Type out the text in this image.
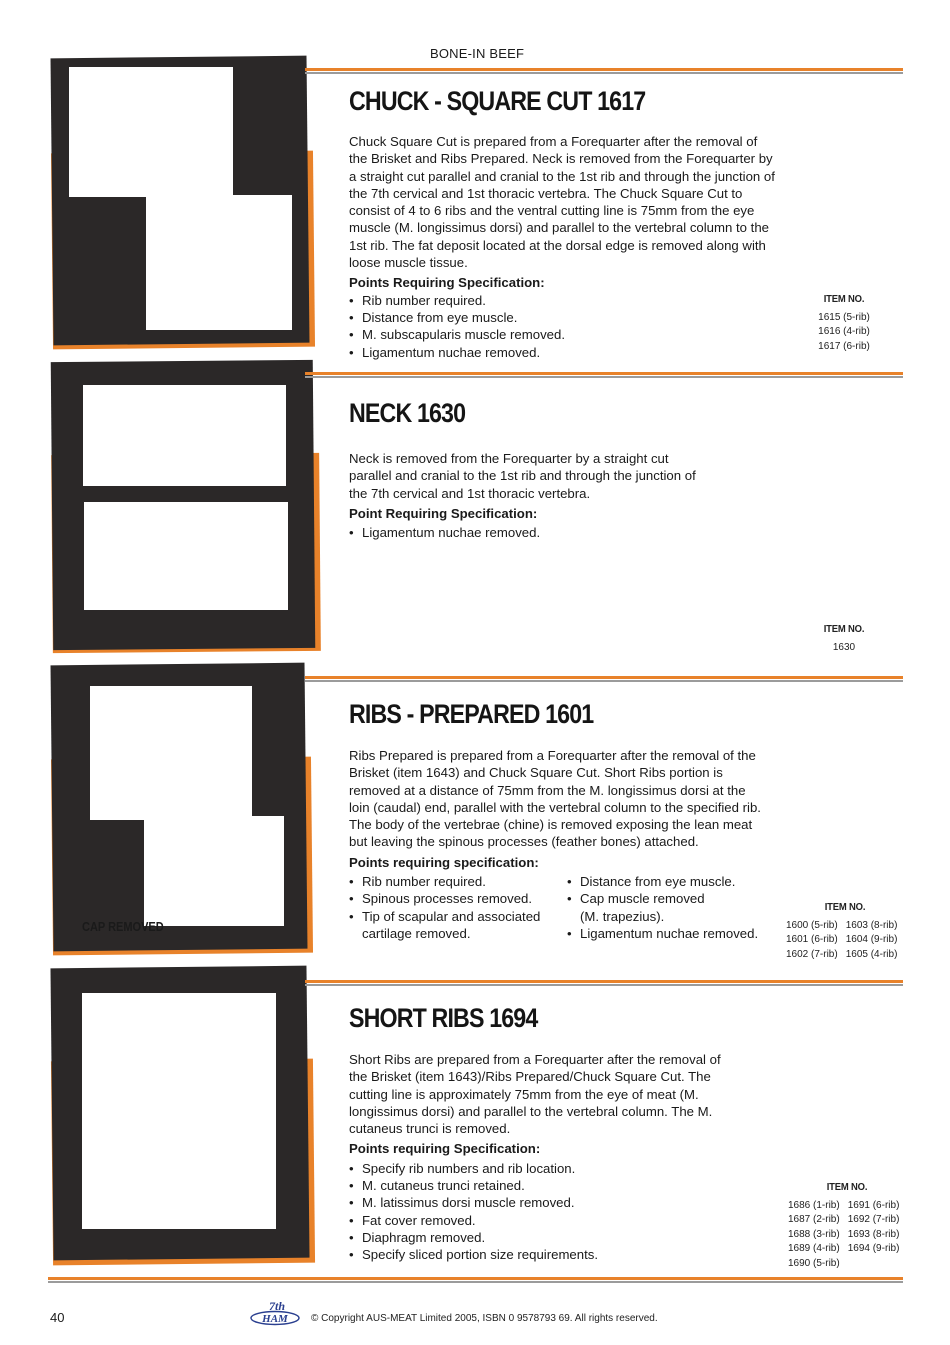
BONE-IN BEEF
CHUCK - SQUARE CUT 1617
Chuck Square Cut is prepared from a Forequarter after the removal of the Brisket and Ribs Prepared. Neck is removed from the Forequarter by a straight cut parallel and cranial to the 1st rib and through the junction of the 7th cervical and 1st thoracic vertebra. The Chuck Square Cut to consist of 4 to 6 ribs and the ventral cutting line is 75mm from the eye muscle (M. longissimus dorsi) and parallel to the vertebral column to the 1st rib. The fat deposit located at the dorsal edge is removed along with loose muscle tissue.
Points Requiring Specification:
• Rib number required.
• Distance from eye muscle.
• M. subscapularis muscle removed.
• Ligamentum nuchae removed.
ITEM NO.
1615 (5-rib)
1616 (4-rib)
1617 (6-rib)
NECK 1630
Neck is removed from the Forequarter by a straight cut parallel and cranial to the 1st rib and through the junction of the 7th cervical and 1st thoracic vertebra.
Point Requiring Specification:
• Ligamentum nuchae removed.
ITEM NO.
1630
CAP REMOVED
RIBS - PREPARED 1601
Ribs Prepared is prepared from a Forequarter after the removal of the Brisket (item 1643) and Chuck Square Cut. Short Ribs portion is removed at a distance of 75mm from the M. longissimus dorsi at the loin (caudal) end, parallel with the vertebral column to the specified rib. The body of the vertebrae (chine) is removed exposing the lean meat but leaving the spinous processes (feather bones) attached.
Points requiring specification:
• Rib number required.
• Spinous processes removed.
• Tip of scapular and associated cartilage removed.
• Distance from eye muscle.
• Cap muscle removed (M. trapezius).
• Ligamentum nuchae removed.
ITEM NO.
1600 (5-rib)
1601 (6-rib)
1602 (7-rib)
1603 (8-rib)
1604 (9-rib)
1605 (4-rib)
SHORT RIBS 1694
Short Ribs are prepared from a Forequarter after the removal of the Brisket (item 1643)/Ribs Prepared/Chuck Square Cut. The cutting line is approximately 75mm from the eye of meat (M. longissimus dorsi) and parallel to the vertebral column. The M. cutaneus trunci is removed.
Points requiring Specification:
• Specify rib numbers and rib location.
• M. cutaneus trunci retained.
• M. latissimus dorsi muscle removed.
• Fat cover removed.
• Diaphragm removed.
• Specify sliced portion size requirements.
ITEM NO.
1686 (1-rib)
1687 (2-rib)
1688 (3-rib)
1689 (4-rib)
1690 (5-rib)
1691 (6-rib)
1692 (7-rib)
1693 (8-rib)
1694 (9-rib)
40
7th
HAM © Copyright AUS-MEAT Limited 2005, ISBN 0 9578793 69. All rights reserved.
